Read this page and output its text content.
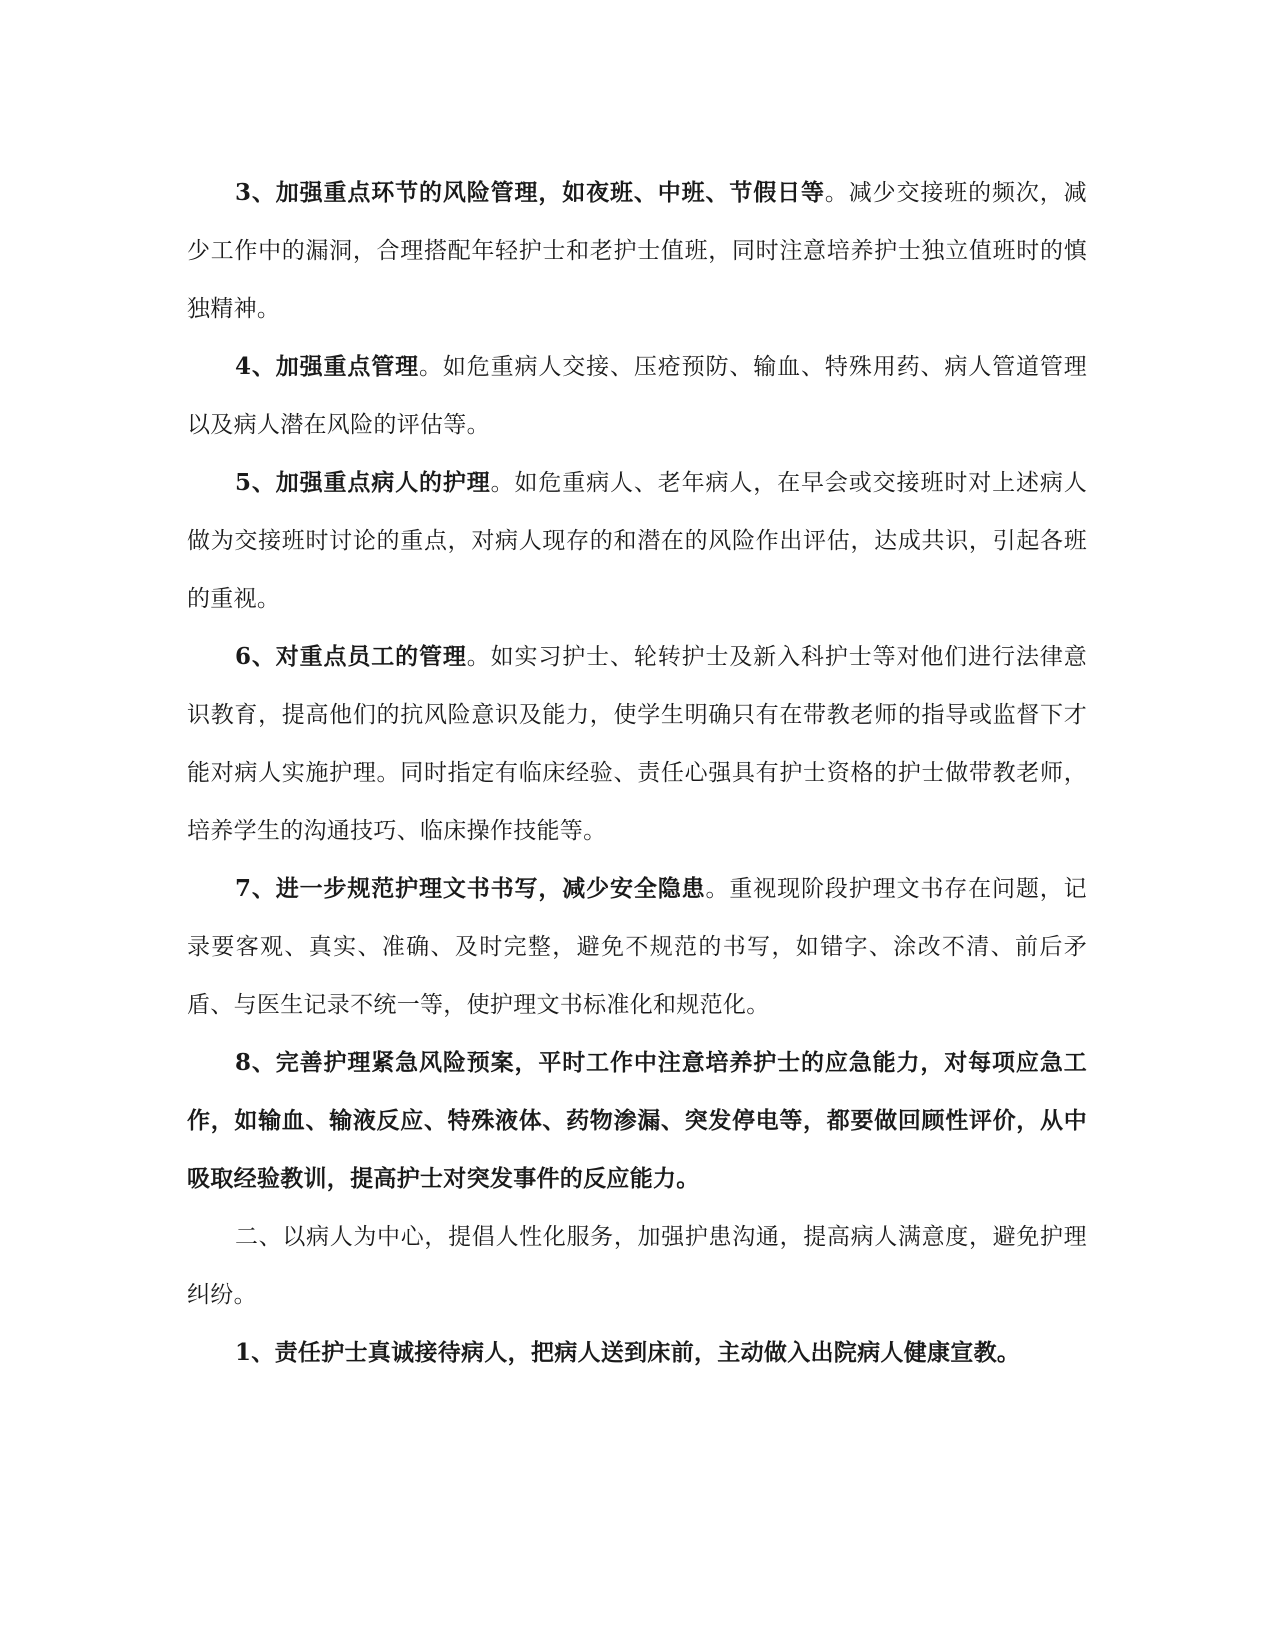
3、加强重点环节的风险管理，如夜班、中班、节假日等。减少交接班的频次，减少工作中的漏洞，合理搭配年轻护士和老护士值班，同时注意培养护士独立值班时的慎独精神。

4、加强重点管理。如危重病人交接、压疮预防、输血、特殊用药、病人管道管理以及病人潜在风险的评估等。

5、加强重点病人的护理。如危重病人、老年病人，在早会或交接班时对上述病人做为交接班时讨论的重点，对病人现存的和潜在的风险作出评估，达成共识，引起各班的重视。

6、对重点员工的管理。如实习护士、轮转护士及新入科护士等对他们进行法律意识教育，提高他们的抗风险意识及能力，使学生明确只有在带教老师的指导或监督下才能对病人实施护理。同时指定有临床经验、责任心强具有护士资格的护士做带教老师，培养学生的沟通技巧、临床操作技能等。

7、进一步规范护理文书书写，减少安全隐患。重视现阶段护理文书存在问题，记录要客观、真实、准确、及时完整，避免不规范的书写，如错字、涂改不清、前后矛盾、与医生记录不统一等，使护理文书标准化和规范化。

8、完善护理紧急风险预案，平时工作中注意培养护士的应急能力，对每项应急工作，如输血、输液反应、特殊液体、药物渗漏、突发停电等，都要做回顾性评价，从中吸取经验教训，提高护士对突发事件的反应能力。

二、以病人为中心，提倡人性化服务，加强护患沟通，提高病人满意度，避免护理纠纷。

1、责任护士真诚接待病人，把病人送到床前，主动做入出院病人健康宣教。
